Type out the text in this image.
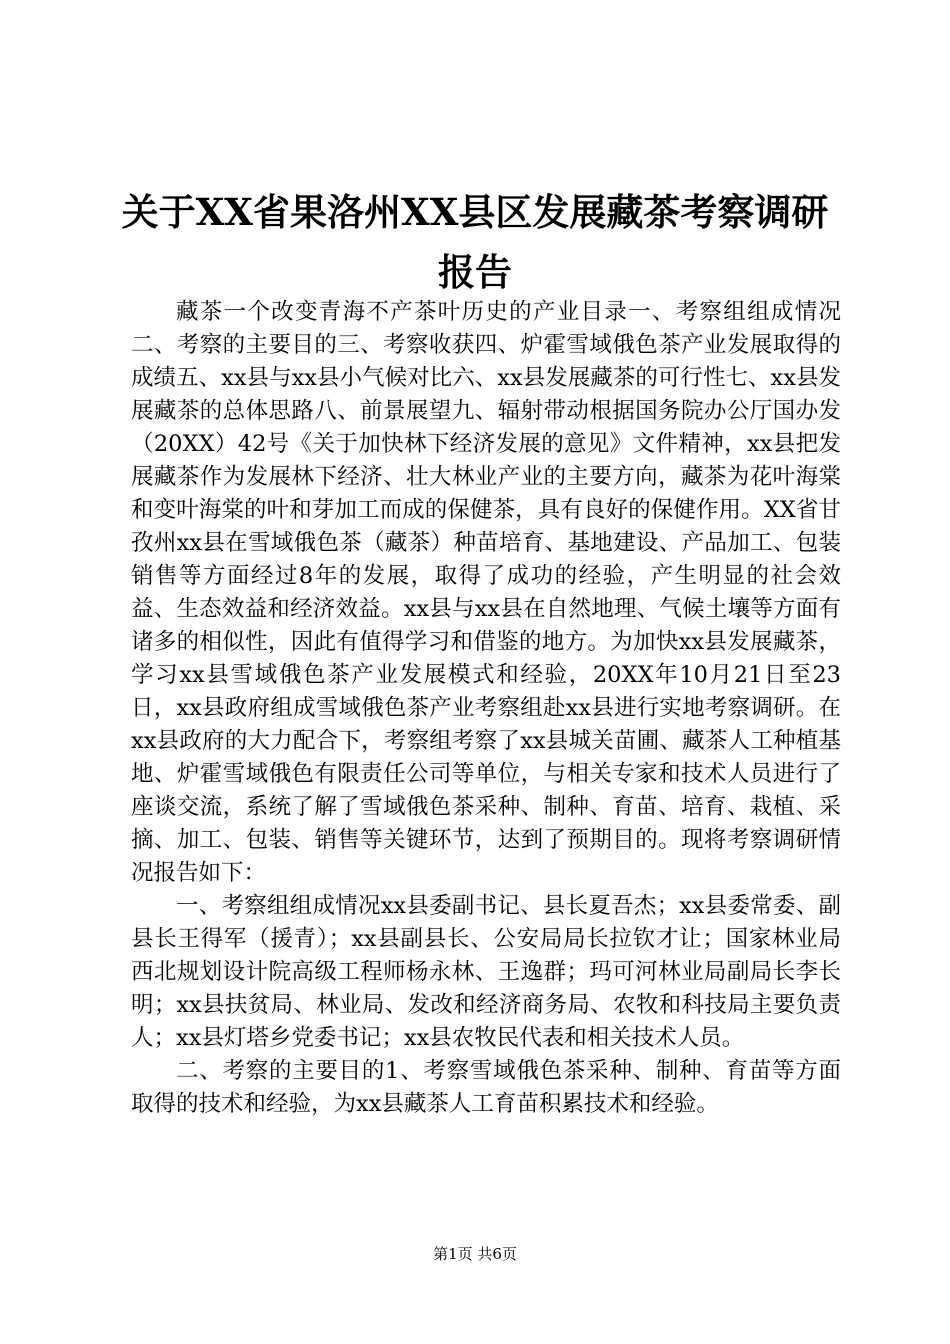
关于XX省果洛州XX县区发展藏茶考察调研报告

藏茶一个改变青海不产茶叶历史的产业目录一、考察组组成情况二、考察的主要目的三、考察收获四、炉霍雪域俄色茶产业发展取得的成绩五、xx县与xx县小气候对比六、xx县发展藏茶的可行性七、xx县发展藏茶的总体思路八、前景展望九、辐射带动根据国务院办公厅国办发（20XX）42号《关于加快林下经济发展的意见》文件精神，xx县把发展藏茶作为发展林下经济、壮大林业产业的主要方向，藏茶为花叶海棠和变叶海棠的叶和芽加工而成的保健茶，具有良好的保健作用。XX省甘孜州xx县在雪域俄色茶（藏茶）种苗培育、基地建设、产品加工、包装销售等方面经过8年的发展，取得了成功的经验，产生明显的社会效益、生态效益和经济效益。xx县与xx县在自然地理、气候土壤等方面有诸多的相似性，因此有值得学习和借鉴的地方。为加快xx县发展藏茶，学习xx县雪域俄色茶产业发展模式和经验，20XX年10月21日至23日，xx县政府组成雪域俄色茶产业考察组赴xx县进行实地考察调研。在xx县政府的大力配合下，考察组考察了xx县城关苗圃、藏茶人工种植基地、炉霍雪域俄色有限责任公司等单位，与相关专家和技术人员进行了座谈交流，系统了解了雪域俄色茶采种、制种、育苗、培育、栽植、采摘、加工、包装、销售等关键环节，达到了预期目的。现将考察调研情况报告如下：

一、考察组组成情况xx县委副书记、县长夏吾杰；xx县委常委、副县长王得军（援青）；xx县副县长、公安局局长拉钦才让；国家林业局西北规划设计院高级工程师杨永林、王逸群；玛可河林业局副局长李长明；xx县扶贫局、林业局、发改和经济商务局、农牧和科技局主要负责人；xx县灯塔乡党委书记；xx县农牧民代表和相关技术人员。

二、考察的主要目的1、考察雪域俄色茶采种、制种、育苗等方面取得的技术和经验，为xx县藏茶人工育苗积累技术和经验。

第1页 共6页
